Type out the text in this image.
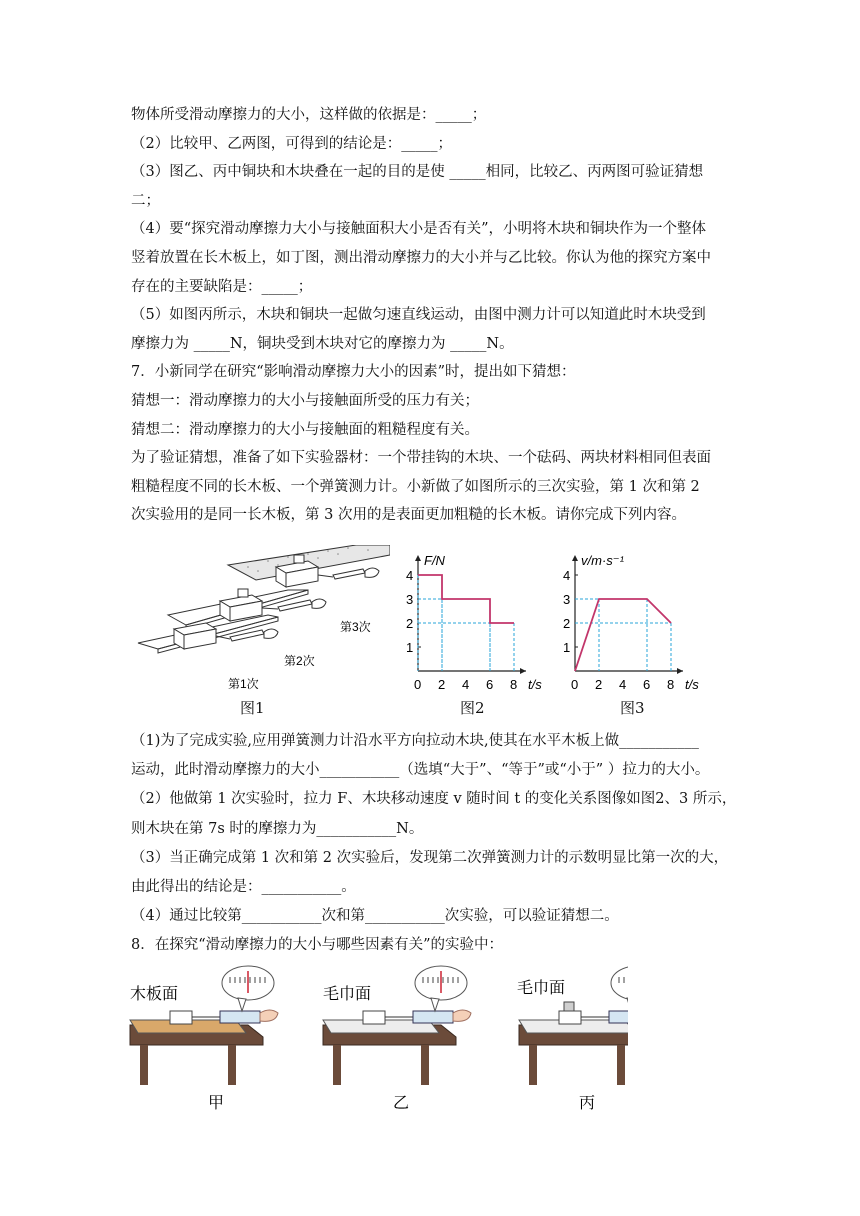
物体所受滑动摩擦力的大小，这样做的依据是：_____；
（2）比较甲、乙两图，可得到的结论是：_____；
（3）图乙、丙中铜块和木块叠在一起的目的是使 _____相同，比较乙、丙两图可验证猜想
二；
（4）要“探究滑动摩擦力大小与接触面积大小是否有关”，小明将木块和铜块作为一个整体
竖着放置在长木板上，如丁图，测出滑动摩擦力的大小并与乙比较。你认为他的探究方案中
存在的主要缺陷是：_____；
（5）如图丙所示，木块和铜块一起做匀速直线运动，由图中测力计可以知道此时木块受到
摩擦力为 _____N，铜块受到木块对它的摩擦力为 _____N。
7．小新同学在研究“影响滑动摩擦力大小的因素”时，提出如下猜想：
猜想一：滑动摩擦力的大小与接触面所受的压力有关；
猜想二：滑动摩擦力的大小与接触面的粗糙程度有关。
为了验证猜想，准备了如下实验器材：一个带挂钩的木块、一个砝码、两块材料相同但表面
粗糙程度不同的长木板、一个弹簧测力计。小新做了如图所示的三次实验，第 1 次和第 2
次实验用的是同一长木板，第 3 次用的是表面更加粗糙的长木板。请你完成下列内容。
第3次
第2次
第1次
图1
1
2
3
4
0 2 4 6 8 t/s
F/N
图2
1
2
3
4
0 2 4 6 8 t/s
v/m·s⁻¹
图3
（1)为了完成实验,应用弹簧测力计沿水平方向拉动木块,使其在水平木板上做___________
运动，此时滑动摩擦力的大小___________（选填“大于”、“等于”或“小于” ）拉力的大小。
（2）他做第 1 次实验时，拉力 F、木块移动速度 v 随时间 t 的变化关系图像如图2、3 所示，
则木块在第 7s 时的摩擦力为___________N。
（3）当正确完成第 1 次和第 2 次实验后，发现第二次弹簧测力计的示数明显比第一次的大，
由此得出的结论是：___________。
（4）通过比较第___________次和第___________次实验，可以验证猜想二。
8．在探究“滑动摩擦力的大小与哪些因素有关”的实验中：
木板面
甲
毛巾面
乙
毛巾面
丙
